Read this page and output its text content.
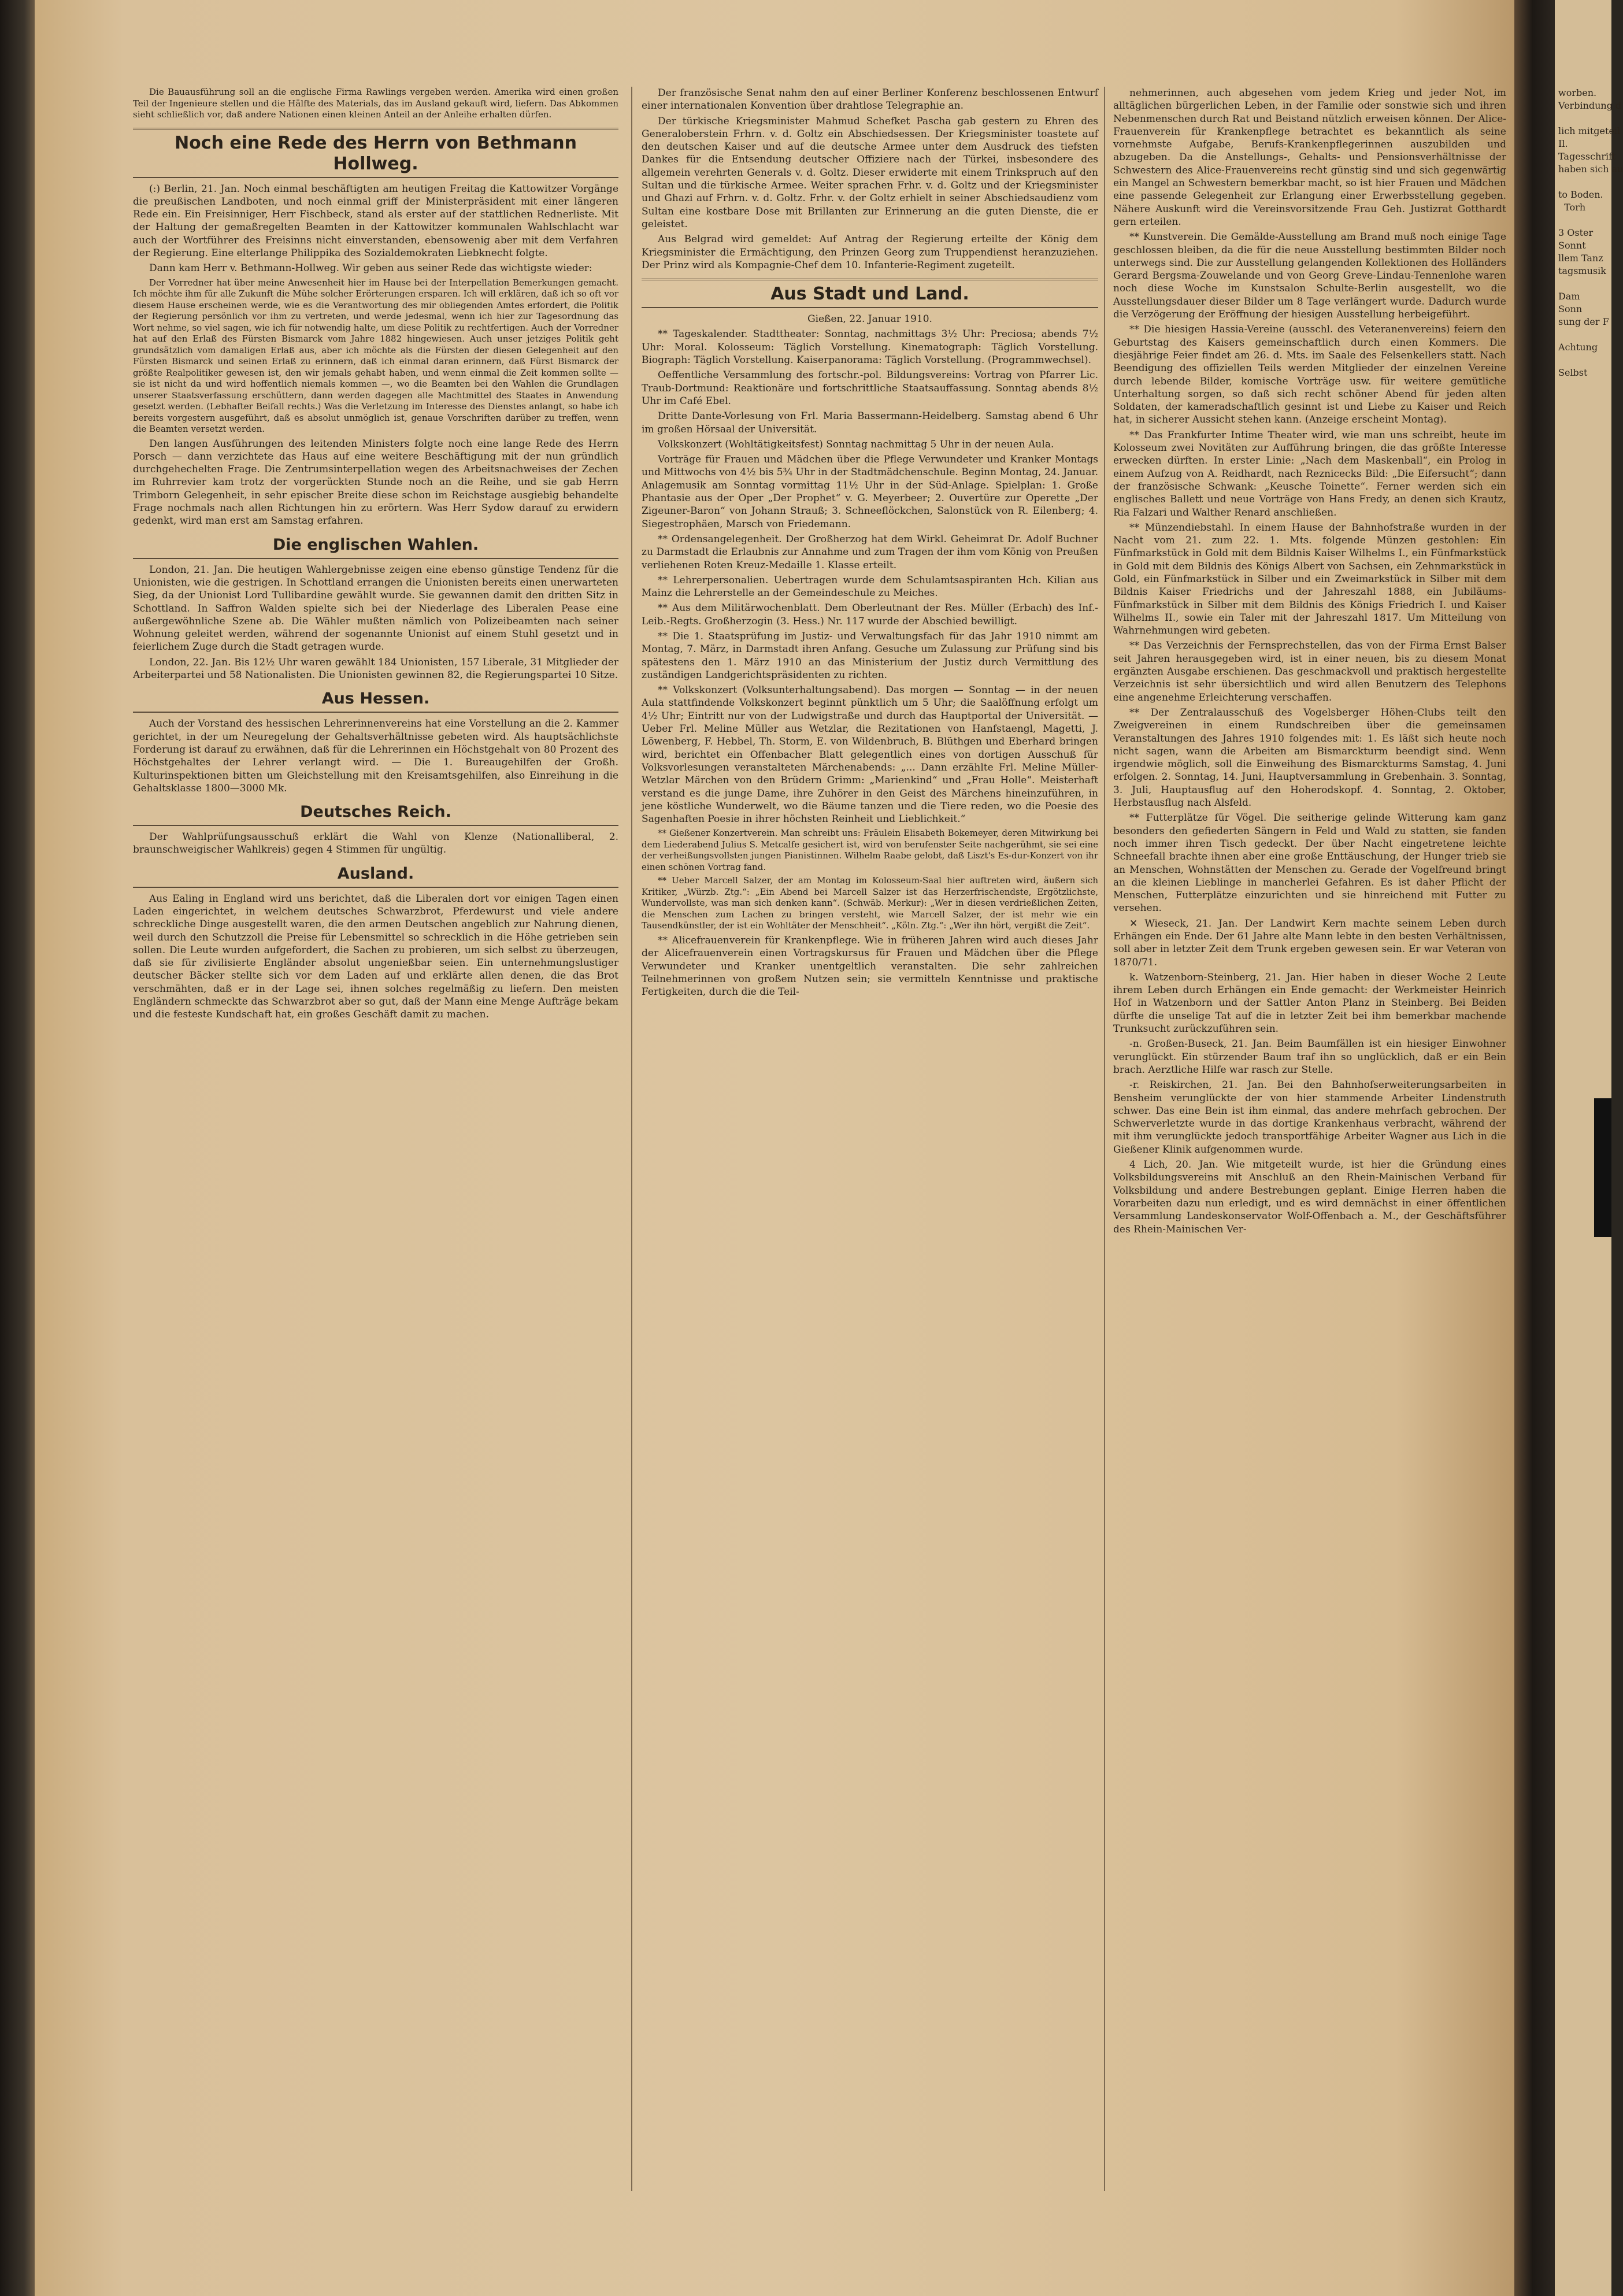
Die Bauausführung soll an die englische Firma Rawlings vergeben werden. Amerika wird einen großen Teil der Ingenieure stellen und die Hälfte des Materials, das im Ausland gekauft wird, liefern. Das Abkommen sieht schließlich vor, daß andere Nationen einen kleinen Anteil an der Anleihe erhalten dürfen.

Noch eine Rede des Herrn von Bethmann Hollweg.

(:) Berlin, 21. Jan. Noch einmal beschäftigten am heutigen Freitag die Kattowitzer Vorgänge die preußischen Landboten, und noch einmal griff der Ministerpräsident mit einer längeren Rede ein. Ein Freisinniger, Herr Fischbeck, stand als erster auf der stattlichen Rednerliste. Mit der Haltung der gemaßregelten Beamten in der Kattowitzer kommunalen Wahlschlacht war auch der Wortführer des Freisinns nicht einverstanden, ebensowenig aber mit dem Verfahren der Regierung. Eine elterlange Philippika des Sozialdemokraten Liebknecht folgte.

Dann kam Herr v. Bethmann-Hollweg. Wir geben aus seiner Rede das wichtigste wieder:

Der Vorredner hat über meine Anwesenheit hier im Hause bei der Interpellation Bemerkungen gemacht. Ich möchte ihm für alle Zukunft die Mühe solcher Erörterungen ersparen. Ich will erklären, daß ich so oft vor diesem Hause erscheinen werde, wie es die Verantwortung des mir obliegenden Amtes erfordert, die Politik der Regierung persönlich vor ihm zu vertreten, und werde jedesmal, wenn ich hier zur Tagesordnung das Wort nehme, so viel sagen, wie ich für notwendig halte, um diese Politik zu rechtfertigen. Auch der Vorredner hat auf den Erlaß des Fürsten Bismarck vom Jahre 1882 hingewiesen. Auch unser jetziges Politik geht grundsätzlich vom damaligen Erlaß aus, aber ich möchte als die Fürsten der diesen Gelegenheit auf den Fürsten Bismarck und seinen Erlaß zu erinnern, daß ich einmal daran erinnern, daß Fürst Bismarck der größte Realpolitiker gewesen ist, den wir jemals gehabt haben, und wenn einmal die Zeit kommen sollte — sie ist nicht da und wird hoffentlich niemals kommen —, wo die Beamten bei den Wahlen die Grundlagen unserer Staatsverfassung erschüttern, dann werden dagegen alle Machtmittel des Staates in Anwendung gesetzt werden. (Lebhafter Beifall rechts.) Was die Verletzung im Interesse des Dienstes anlangt, so habe ich bereits vorgestern ausgeführt, daß es absolut unmöglich ist, genaue Vorschriften darüber zu treffen, wenn die Beamten versetzt werden.

Den langen Ausführungen des leitenden Ministers folgte noch eine lange Rede des Herrn Porsch — dann verzichtete das Haus auf eine weitere Beschäftigung mit der nun gründlich durchgehechelten Frage. Die Zentrumsinterpellation wegen des Arbeitsnachweises der Zechen im Ruhrrevier kam trotz der vorgerückten Stunde noch an die Reihe, und sie gab Herrn Trimborn Gelegenheit, in sehr epischer Breite diese schon im Reichstage ausgiebig behandelte Frage nochmals nach allen Richtungen hin zu erörtern. Was Herr Sydow darauf zu erwidern gedenkt, wird man erst am Samstag erfahren.

Die englischen Wahlen.

London, 21. Jan. Die heutigen Wahlergebnisse zeigen eine ebenso günstige Tendenz für die Unionisten, wie die gestrigen. In Schottland errangen die Unionisten bereits einen unerwarteten Sieg, da der Unionist Lord Tullibardine gewählt wurde. Sie gewannen damit den dritten Sitz in Schottland. In Saffron Walden spielte sich bei der Niederlage des Liberalen Pease eine außergewöhnliche Szene ab. Die Wähler mußten nämlich von Polizeibeamten nach seiner Wohnung geleitet werden, während der sogenannte Unionist auf einem Stuhl gesetzt und in feierlichem Zuge durch die Stadt getragen wurde.

London, 22. Jan. Bis 12½ Uhr waren gewählt 184 Unionisten, 157 Liberale, 31 Mitglieder der Arbeiterpartei und 58 Nationalisten. Die Unionisten gewinnen 82, die Regierungspartei 10 Sitze.

Aus Hessen.

Auch der Vorstand des hessischen Lehrerinnenvereins hat eine Vorstellung an die 2. Kammer gerichtet, in der um Neuregelung der Gehaltsverhältnisse gebeten wird. Als hauptsächlichste Forderung ist darauf zu erwähnen, daß für die Lehrerinnen ein Höchstgehalt von 80 Prozent des Höchstgehaltes der Lehrer verlangt wird. — Die 1. Bureaugehilfen der Großh. Kulturinspektionen bitten um Gleichstellung mit den Kreisamtsgehilfen, also Einreihung in die Gehaltsklasse 1800—3000 Mk.

Deutsches Reich.

Der Wahlprüfungsausschuß erklärt die Wahl von Klenze (Nationalliberal, 2. braunschweigischer Wahlkreis) gegen 4 Stimmen für ungültig.

Ausland.

Aus Ealing in England wird uns berichtet, daß die Liberalen dort vor einigen Tagen einen Laden eingerichtet, in welchem deutsches Schwarzbrot, Pferdewurst und viele andere schreckliche Dinge ausgestellt waren, die den armen Deutschen angeblich zur Nahrung dienen, weil durch den Schutzzoll die Preise für Lebensmittel so schrecklich in die Höhe getrieben sein sollen. Die Leute wurden aufgefordert, die Sachen zu probieren, um sich selbst zu überzeugen, daß sie für zivilisierte Engländer absolut ungenießbar seien. Ein unternehmungslustiger deutscher Bäcker stellte sich vor dem Laden auf und erklärte allen denen, die das Brot verschmähten, daß er in der Lage sei, ihnen solches regelmäßig zu liefern. Den meisten Engländern schmeckte das Schwarzbrot aber so gut, daß der Mann eine Menge Aufträge bekam und die festeste Kundschaft hat, ein großes Geschäft damit zu machen.

Der französische Senat nahm den auf einer Berliner Konferenz beschlossenen Entwurf einer internationalen Konvention über drahtlose Telegraphie an.

Der türkische Kriegsminister Mahmud Schefket Pascha gab gestern zu Ehren des Generaloberstein Frhrn. v. d. Goltz ein Abschiedsessen. Der Kriegsminister toastete auf den deutschen Kaiser und auf die deutsche Armee unter dem Ausdruck des tiefsten Dankes für die Entsendung deutscher Offiziere nach der Türkei, insbesondere des allgemein verehrten Generals v. d. Goltz. Dieser erwiderte mit einem Trinkspruch auf den Sultan und die türkische Armee. Weiter sprachen Frhr. v. d. Goltz und der Kriegsminister und Ghazi auf Frhrn. v. d. Goltz. Frhr. v. der Goltz erhielt in seiner Abschiedsaudienz vom Sultan eine kostbare Dose mit Brillanten zur Erinnerung an die guten Dienste, die er geleistet.

Aus Belgrad wird gemeldet: Auf Antrag der Regierung erteilte der König dem Kriegsminister die Ermächtigung, den Prinzen Georg zum Truppendienst heranzuziehen. Der Prinz wird als Kompagnie-Chef dem 10. Infanterie-Regiment zugeteilt.

Aus Stadt und Land.

Gießen, 22. Januar 1910.

** Tageskalender. Stadttheater: Sonntag, nachmittags 3½ Uhr: Preciosa; abends 7½ Uhr: Moral. Kolosseum: Täglich Vorstellung. Kinematograph: Täglich Vorstellung. Biograph: Täglich Vorstellung. Kaiserpanorama: Täglich Vorstellung. (Programmwechsel).

Oeffentliche Versammlung des fortschr.-pol. Bildungsvereins: Vortrag von Pfarrer Lic. Traub-Dortmund: Reaktionäre und fortschrittliche Staatsauffassung. Sonntag abends 8½ Uhr im Café Ebel.

Dritte Dante-Vorlesung von Frl. Maria Bassermann-Heidelberg. Samstag abend 6 Uhr im großen Hörsaal der Universität.

Volkskonzert (Wohltätigkeitsfest) Sonntag nachmittag 5 Uhr in der neuen Aula.

Vorträge für Frauen und Mädchen über die Pflege Verwundeter und Kranker Montags und Mittwochs von 4½ bis 5¾ Uhr in der Stadtmädchenschule. Beginn Montag, 24. Januar. Anlagemusik am Sonntag vormittag 11½ Uhr in der Süd-Anlage. Spielplan: 1. Große Phantasie aus der Oper „Der Prophet“ v. G. Meyerbeer; 2. Ouvertüre zur Operette „Der Zigeuner-Baron“ von Johann Strauß; 3. Schneeflöckchen, Salonstück von R. Eilenberg; 4. Siegestrophäen, Marsch von Friedemann.

** Ordensangelegenheit. Der Großherzog hat dem Wirkl. Geheimrat Dr. Adolf Buchner zu Darmstadt die Erlaubnis zur Annahme und zum Tragen der ihm vom König von Preußen verliehenen Roten Kreuz-Medaille 1. Klasse erteilt.

** Lehrerpersonalien. Uebertragen wurde dem Schulamtsaspiranten Hch. Kilian aus Mainz die Lehrerstelle an der Gemeindeschule zu Meiches.

** Aus dem Militärwochenblatt. Dem Oberleutnant der Res. Müller (Erbach) des Inf.-Leib.-Regts. Großherzogin (3. Hess.) Nr. 117 wurde der Abschied bewilligt.

** Die 1. Staatsprüfung im Justiz- und Verwaltungsfach für das Jahr 1910 nimmt am Montag, 7. März, in Darmstadt ihren Anfang. Gesuche um Zulassung zur Prüfung sind bis spätestens den 1. März 1910 an das Ministerium der Justiz durch Vermittlung des zuständigen Landgerichtspräsidenten zu richten.

** Volkskonzert (Volksunterhaltungsabend). Das morgen — Sonntag — in der neuen Aula stattfindende Volkskonzert beginnt pünktlich um 5 Uhr; die Saalöffnung erfolgt um 4½ Uhr; Eintritt nur von der Ludwigstraße und durch das Hauptportal der Universität. — Ueber Frl. Meline Müller aus Wetzlar, die Rezitationen von Hanfstaengl, Magetti, J. Löwenberg, F. Hebbel, Th. Storm, E. von Wildenbruch, B. Blüthgen und Eberhard bringen wird, berichtet ein Offenbacher Blatt gelegentlich eines von dortigen Ausschuß für Volksvorlesungen veranstalteten Märchenabends: „... Dann erzählte Frl. Meline Müller-Wetzlar Märchen von den Brüdern Grimm: „Marienkind“ und „Frau Holle“. Meisterhaft verstand es die junge Dame, ihre Zuhörer in den Geist des Märchens hineinzuführen, in jene köstliche Wunderwelt, wo die Bäume tanzen und die Tiere reden, wo die Poesie des Sagenhaften Poesie in ihrer höchsten Reinheit und Lieblichkeit.“

** Gießener Konzertverein. Man schreibt uns: Fräulein Elisabeth Bokemeyer, deren Mitwirkung bei dem Liederabend Julius S. Metcalfe gesichert ist, wird von berufenster Seite nachgerühmt, sie sei eine der verheißungsvollsten jungen Pianistinnen. Wilhelm Raabe gelobt, daß Liszt's Es-dur-Konzert von ihr einen schönen Vortrag fand.

** Ueber Marcell Salzer, der am Montag im Kolosseum-Saal hier auftreten wird, äußern sich Kritiker, „Würzb. Ztg.“: „Ein Abend bei Marcell Salzer ist das Herzerfrischendste, Ergötzlichste, Wundervollste, was man sich denken kann“. (Schwäb. Merkur): „Wer in diesen verdrießlichen Zeiten, die Menschen zum Lachen zu bringen versteht, wie Marcell Salzer, der ist mehr wie ein Tausendkünstler, der ist ein Wohltäter der Menschheit“. „Köln. Ztg.“: „Wer ihn hört, vergißt die Zeit“.

** Alicefrauenverein für Krankenpflege. Wie in früheren Jahren wird auch dieses Jahr der Alicefrauenverein einen Vortragskursus für Frauen und Mädchen über die Pflege Verwundeter und Kranker unentgeltlich veranstalten. Die sehr zahlreichen Teilnehmerinnen von großem Nutzen sein; sie vermitteln Kenntnisse und praktische Fertigkeiten, durch die die Teil-

nehmerinnen, auch abgesehen vom jedem Krieg und jeder Not, im alltäglichen bürgerlichen Leben, in der Familie oder sonstwie sich und ihren Nebenmenschen durch Rat und Beistand nützlich erweisen können. Der Alice-Frauenverein für Krankenpflege betrachtet es bekanntlich als seine vornehmste Aufgabe, Berufs-Krankenpflegerinnen auszubilden und abzugeben. Da die Anstellungs-, Gehalts- und Pensionsverhältnisse der Schwestern des Alice-Frauenvereins recht günstig sind und sich gegenwärtig ein Mangel an Schwestern bemerkbar macht, so ist hier Frauen und Mädchen eine passende Gelegenheit zur Erlangung einer Erwerbsstellung gegeben. Nähere Auskunft wird die Vereinsvorsitzende Frau Geh. Justizrat Gotthardt gern erteilen.

** Kunstverein. Die Gemälde-Ausstellung am Brand muß noch einige Tage geschlossen bleiben, da die für die neue Ausstellung bestimmten Bilder noch unterwegs sind. Die zur Ausstellung gelangenden Kollektionen des Holländers Gerard Bergsma-Zouwelande und von Georg Greve-Lindau-Tennenlohe waren noch diese Woche im Kunstsalon Schulte-Berlin ausgestellt, wo die Ausstellungsdauer dieser Bilder um 8 Tage verlängert wurde. Dadurch wurde die Verzögerung der Eröffnung der hiesigen Ausstellung herbeigeführt.

** Die hiesigen Hassia-Vereine (ausschl. des Veteranenvereins) feiern den Geburtstag des Kaisers gemeinschaftlich durch einen Kommers. Die diesjährige Feier findet am 26. d. Mts. im Saale des Felsenkellers statt. Nach Beendigung des offiziellen Teils werden Mitglieder der einzelnen Vereine durch lebende Bilder, komische Vorträge usw. für weitere gemütliche Unterhaltung sorgen, so daß sich recht schöner Abend für jeden alten Soldaten, der kameradschaftlich gesinnt ist und Liebe zu Kaiser und Reich hat, in sicherer Aussicht stehen kann. (Anzeige erscheint Montag).

** Das Frankfurter Intime Theater wird, wie man uns schreibt, heute im Kolosseum zwei Novitäten zur Aufführung bringen, die das größte Interesse erwecken dürften. In erster Linie: „Nach dem Maskenball“, ein Prolog in einem Aufzug von A. Reidhardt, nach Reznicecks Bild: „Die Eifersucht“; dann der französische Schwank: „Keusche Toinette“. Ferner werden sich ein englisches Ballett und neue Vorträge von Hans Fredy, an denen sich Krautz, Ria Falzari und Walther Renard anschließen.

** Münzendiebstahl. In einem Hause der Bahnhofstraße wurden in der Nacht vom 21. zum 22. 1. Mts. folgende Münzen gestohlen: Ein Fünfmarkstück in Gold mit dem Bildnis Kaiser Wilhelms I., ein Fünfmarkstück in Gold mit dem Bildnis des Königs Albert von Sachsen, ein Zehnmarkstück in Gold, ein Fünfmarkstück in Silber und ein Zweimarkstück in Silber mit dem Bildnis Kaiser Friedrichs und der Jahreszahl 1888, ein Jubiläums-Fünfmarkstück in Silber mit dem Bildnis des Königs Friedrich I. und Kaiser Wilhelms II., sowie ein Taler mit der Jahreszahl 1817. Um Mitteilung von Wahrnehmungen wird gebeten.

** Das Verzeichnis der Fernsprechstellen, das von der Firma Ernst Balser seit Jahren herausgegeben wird, ist in einer neuen, bis zu diesem Monat ergänzten Ausgabe erschienen. Das geschmackvoll und praktisch hergestellte Verzeichnis ist sehr übersichtlich und wird allen Benutzern des Telephons eine angenehme Erleichterung verschaffen.

** Der Zentralausschuß des Vogelsberger Höhen-Clubs teilt den Zweigvereinen in einem Rundschreiben über die gemeinsamen Veranstaltungen des Jahres 1910 folgendes mit: 1. Es läßt sich heute noch nicht sagen, wann die Arbeiten am Bismarckturm beendigt sind. Wenn irgendwie möglich, soll die Einweihung des Bismarckturms Samstag, 4. Juni erfolgen. 2. Sonntag, 14. Juni, Hauptversammlung in Grebenhain. 3. Sonntag, 3. Juli, Hauptausflug auf den Hoherodskopf. 4. Sonntag, 2. Oktober, Herbstausflug nach Alsfeld.

** Futterplätze für Vögel. Die seitherige gelinde Witterung kam ganz besonders den gefiederten Sängern in Feld und Wald zu statten, sie fanden noch immer ihren Tisch gedeckt. Der über Nacht eingetretene leichte Schneefall brachte ihnen aber eine große Enttäuschung, der Hunger trieb sie an Menschen, Wohnstätten der Menschen zu. Gerade der Vogelfreund bringt an die kleinen Lieblinge in mancherlei Gefahren. Es ist daher Pflicht der Menschen, Futterplätze einzurichten und sie hinreichend mit Futter zu versehen.

✕ Wieseck, 21. Jan. Der Landwirt Kern machte seinem Leben durch Erhängen ein Ende. Der 61 Jahre alte Mann lebte in den besten Verhältnissen, soll aber in letzter Zeit dem Trunk ergeben gewesen sein. Er war Veteran von 1870/71.

k. Watzenborn-Steinberg, 21. Jan. Hier haben in dieser Woche 2 Leute ihrem Leben durch Erhängen ein Ende gemacht: der Werkmeister Heinrich Hof in Watzenborn und der Sattler Anton Planz in Steinberg. Bei Beiden dürfte die unselige Tat auf die in letzter Zeit bei ihm bemerkbar machende Trunksucht zurückzuführen sein.

-n. Großen-Buseck, 21. Jan. Beim Baumfällen ist ein hiesiger Einwohner verunglückt. Ein stürzender Baum traf ihn so unglücklich, daß er ein Bein brach. Aerztliche Hilfe war rasch zur Stelle.

-r. Reiskirchen, 21. Jan. Bei den Bahnhofserweiterungsarbeiten in Bensheim verunglückte der von hier stammende Arbeiter Lindenstruth schwer. Das eine Bein ist ihm einmal, das andere mehrfach gebrochen. Der Schwerverletzte wurde in das dortige Krankenhaus verbracht, während der mit ihm verunglückte jedoch transportfähige Arbeiter Wagner aus Lich in die Gießener Klinik aufgenommen wurde.

4 Lich, 20. Jan. Wie mitgeteilt wurde, ist hier die Gründung eines Volksbildungsvereins mit Anschluß an den Rhein-Mainischen Verband für Volksbildung und andere Bestrebungen geplant. Einige Herren haben die Vorarbeiten dazu nun erledigt, und es wird demnächst in einer öffentlichen Versammlung Landeskonservator Wolf-Offenbach a. M., der Geschäftsführer des Rhein-Mainischen Ver-

worben.
Verbindung d

lich mitgeteil
Il.
Tagesschrift
haben sich au

to Boden.
Torh

3 Oster
Sonnt
llem Tanz
tagsmusik

Dam
Sonn
sung der F

Achtung

Selbst
